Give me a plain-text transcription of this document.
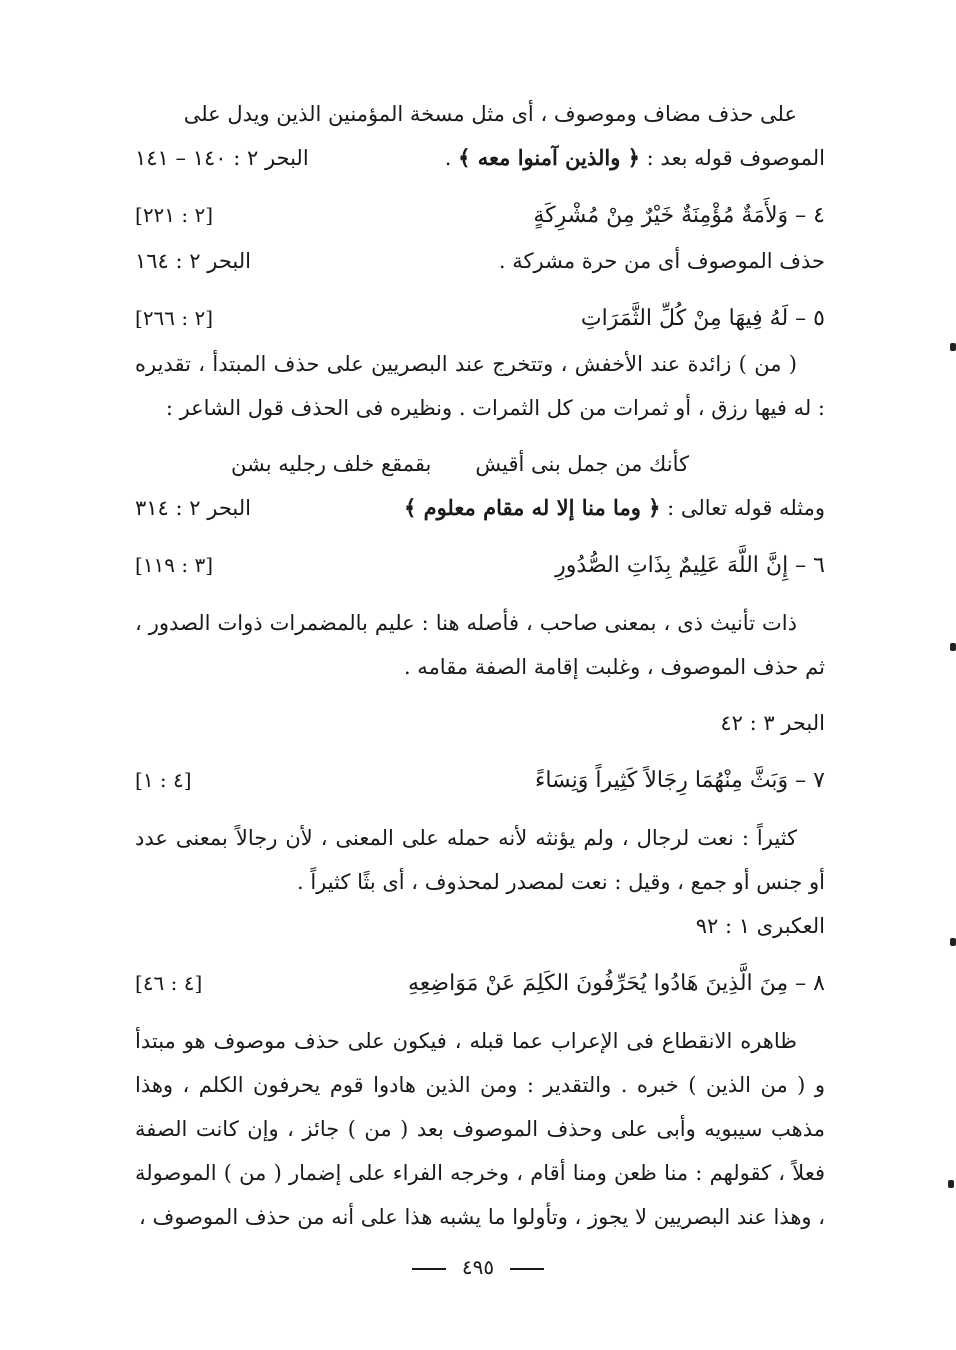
على حذف مضاف وموصوف ، أى مثل مسخة المؤمنين الذين ويدل على

الموصوف قوله بعد : ﴿ والذين آمنوا معه ﴾ .
البحر ٢ : ١٤٠ – ١٤١
٤ – وَلأَمَةٌ مُؤْمِنَةٌ خَيْرٌ مِنْ مُشْرِكَةٍ
[٢ : ٢٢١]
حذف الموصوف أى من حرة مشركة .
البحر ٢ : ١٦٤
٥ – لَهُ فِيهَا مِنْ كُلِّ الثَّمَرَاتِ
[٢ : ٢٦٦]

( من ) زائدة عند الأخفش ، وتتخرج عند البصريين على حذف المبتدأ ، تقديره : له فيها رزق ، أو ثمرات من كل الثمرات . ونظيره فى الحذف قول الشاعر :

كأنك من جمل بنى أقيش
بقمقع خلف رجليه بشن
ومثله قوله تعالى : ﴿ وما منا إلا له مقام معلوم ﴾
البحر ٢ : ٣١٤
٦ – إِنَّ اللَّهَ عَلِيمٌ بِذَاتِ الصُّدُورِ
[٣ : ١١٩]

ذات تأنيث ذى ، بمعنى صاحب ، فأصله هنا : عليم بالمضمرات ذوات الصدور ، ثم حذف الموصوف ، وغلبت إقامة الصفة مقامه .

البحر ٣ : ٤٢
٧ – وَبَثَّ مِنْهُمَا رِجَالاً كَثِيراً وَنِسَاءً
[٤ : ١]

كثيراً : نعت لرجال ، ولم يؤنثه لأنه حمله على المعنى ، لأن رجالاً بمعنى عدد أو جنس أو جمع ، وقيل : نعت لمصدر لمحذوف ، أى بثًا كثيراً .

العكبرى ١ : ٩٢
٨ – مِنَ الَّذِينَ هَادُوا يُحَرِّفُونَ الكَلِمَ عَنْ مَوَاضِعِهِ
[٤ : ٤٦]

ظاهره الانقطاع فى الإعراب عما قبله ، فيكون على حذف موصوف هو مبتدأ و ( من الذين ) خبره . والتقدير : ومن الذين هادوا قوم يحرفون الكلم ، وهذا مذهب سيبويه وأبى على وحذف الموصوف بعد ( من ) جائز ، وإن كانت الصفة فعلاً ، كقولهم : منا ظعن ومنا أقام ، وخرجه الفراء على إضمار ( من ) الموصولة ، وهذا عند البصريين لا يجوز ، وتأولوا ما يشبه هذا على أنه من حذف الموصوف ،

٤٩٥
